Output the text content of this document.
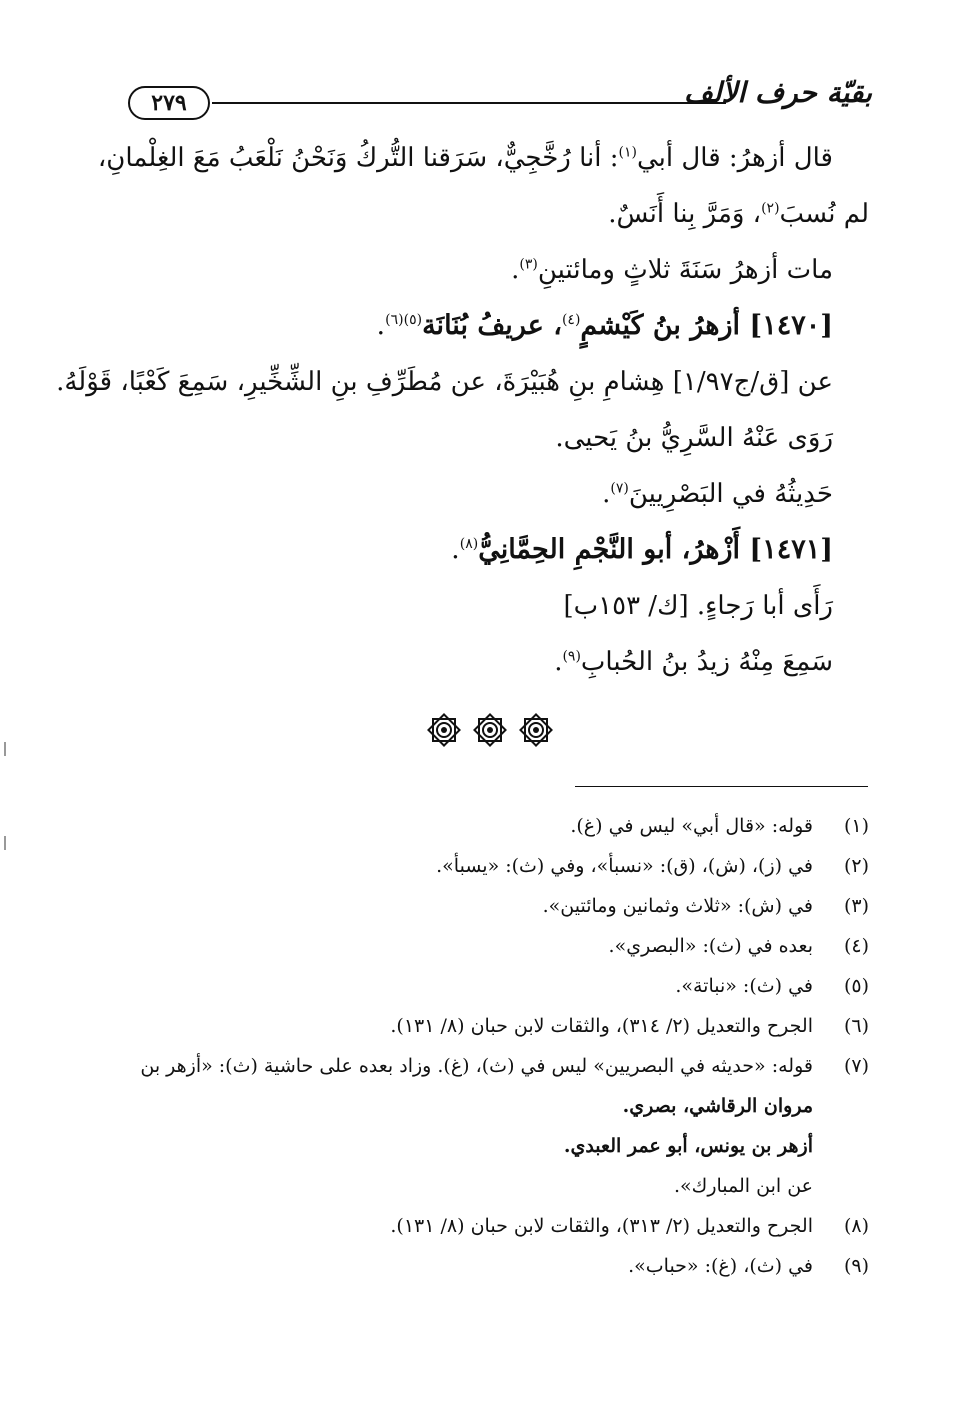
٢٧٩	بقيّة حرف الألف
قال أزهرُ: قال أبي$^{(١)}$: أنا رُخَّجِيٌّ، سَرَقنا التُّركُ وَنَحْنُ نَلْعَبُ مَعَ الغِلْمانِ،
لم نُسبَ$^{(٢)}$، وَمَرَّ بِنا أَنَسٌ.
مات أزهرُ سَنَةَ ثلاثٍ ومائتينِ$^{(٣)}$.
[١٤٧٠] أزهرُ بنُ كَيْشمٍ$^{(٤)}$، عريفُ بُنَانَة$^{(٥)(٦)}$.
عن [ق/ج١/٩٧] هِشامِ بنِ هُبَيْرَةَ، عن مُطَرِّفِ بنِ الشِّخِّيرِ، سَمِعَ كَعْبًا، قَوْلَهُ.
رَوَى عَنْهُ السَّرِيُّ بنُ يَحيى.
حَدِيثُهُ في البَصْرِيينَ$^{(٧)}$.
[١٤٧١] أَزْهرُ، أبو النَّجْمِ الحِمَّانِيُّ$^{(٨)}$.
رَأَى أبا رَجاءٍ. [ك/ ١٥٣ب]
سَمِعَ مِنْهُ زيدُ بنُ الحُبابِ$^{(٩)}$.
(١)
قوله: «قال أبي» ليس في (غ).
(٢)
في (ز)، (ش)، (ق): «نسبأ»، وفي (ث): «يسبأ».
(٣)
في (ش): «ثلاث وثمانين ومائتين».
(٤)
بعده في (ث): «البصري».
(٥)
في (ث): «نباتة».
(٦)
الجرح والتعديل (٢/ ٣١٤)، والثقات لابن حبان (٨/ ١٣١).
(٧)
قوله: «حديثه في البصريين» ليس في (ث)، (غ). وزاد بعده على حاشية (ث): «أزهر بن
مروان الرقاشي، بصري.
أزهر بن يونس، أبو عمر العبدي.
عن ابن المبارك».
(٨)
الجرح والتعديل (٢/ ٣١٣)، والثقات لابن حبان (٨/ ١٣١).
(٩)
في (ث)، (غ): «حباب».
